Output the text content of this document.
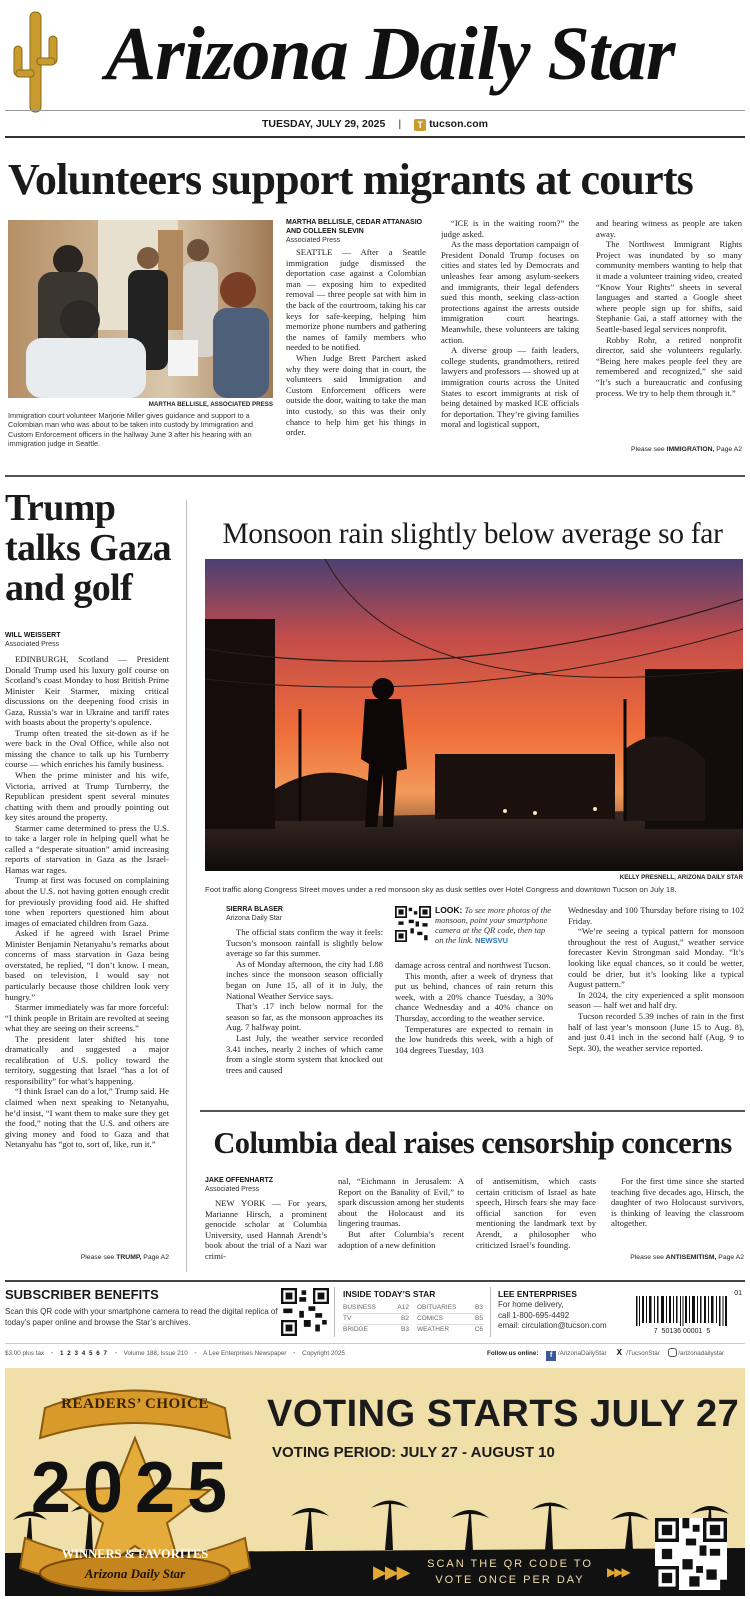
Arizona Daily Star
TUESDAY, JULY 29, 2025 | T tucson.com
Volunteers support migrants at courts
MARTHA BELLISLE, ASSOCIATED PRESS
Immigration court volunteer Marjorie Miller gives guidance and support to a Colombian man who was about to be taken into custody by Immigration and Custom Enforcement officers in the hallway June 3 after his hearing with an immigration judge in Seattle.
MARTHA BELLISLE, CEDAR ATTANASIO AND COLLEEN SLEVIN
Associated Press

SEATTLE — After a Seattle immigration judge dismissed the deportation case against a Colombian man — exposing him to expedited removal — three people sat with him in the back of the courtroom, taking his car keys for safe-keeping, helping him memorize phone numbers and gathering the names of family members who needed to be notified.

When Judge Brett Parchert asked why they were doing that in court, the volunteers said Immigration and Custom Enforcement officers were outside the door, waiting to take the man into custody, so this was their only chance to help him get his things in order.

“ICE is in the waiting room?” the judge asked.

As the mass deportation campaign of President Donald Trump focuses on cities and states led by Democrats and unleashes fear among asylum-seekers and immigrants, their legal defenders sued this month, seeking class-action protections against the arrests outside immigration court hearings. Meanwhile, these volunteers are taking action.

A diverse group — faith leaders, college students, grandmothers, retired lawyers and professors — showed up at immigration courts across the United States to escort immigrants at risk of being detained by masked ICE officials for deportation. They’re giving families moral and logistical support,

and bearing witness as people are taken away.

The Northwest Immigrant Rights Project was inundated by so many community members wanting to help that it made a volunteer training video, created “Know Your Rights” sheets in several languages and started a Google sheet where people sign up for shifts, said Stephanie Gai, a staff attorney with the Seattle-based legal services nonprofit.

Robby Rohr, a retired nonprofit director, said she volunteers regularly. “Being here makes people feel they are remembered and recognized,” she said “It’s such a bureaucratic and confusing process. We try to help them through it.”

Please see IMMIGRATION, Page A2
Trump talks Gaza and golf
WILL WEISSERT
Associated Press

EDINBURGH, Scotland — President Donald Trump used his luxury golf course on Scotland’s coast Monday to host British Prime Minister Keir Starmer, mixing critical discussions on the deepening food crisis in Gaza, Russia’s war in Ukraine and tariff rates with boasts about the property’s opulence.

Trump often treated the sit-down as if he were back in the Oval Office, while also not missing the chance to talk up his Turnberry course — which enriches his family business.

When the prime minister and his wife, Victoria, arrived at Trump Turnberry, the Republican president spent several minutes chatting with them and proudly pointing out key sites around the property.

Starmer came determined to press the U.S. to take a larger role in helping quell what he called a “desperate situation” amid increasing reports of starvation in Gaza as the Israel-Hamas war rages.

Trump at first was focused on complaining about the U.S. not having gotten enough credit for previously providing food aid. He shifted tone when reporters questioned him about images of emaciated children from Gaza.

Asked if he agreed with Israel Prime Minister Benjamin Netanyahu’s remarks about concerns of mass starvation in Gaza being overstated, he replied, “I don’t know. I mean, based on television, I would say not particularly because those children look very hungry.”

Starmer immediately was far more forceful: “I think people in Britain are revolted at seeing what they are seeing on their screens.”

The president later shifted his tone dramatically and suggested a major recalibration of U.S. policy toward the territory, suggesting that Israel “has a lot of responsibility” for what’s happening.

“I think Israel can do a lot,” Trump said. He claimed when next speaking to Netanyahu, he’d insist, “I want them to make sure they get the food,” noting that the U.S. and others are giving money and food to Gaza and that Netanyahu has “got to, sort of, like, run it.”

Please see TRUMP, Page A2
Monsoon rain slightly below average so far
KELLY PRESNELL, ARIZONA DAILY STAR
Foot traffic along Congress Street moves under a red monsoon sky as dusk settles over Hotel Congress and downtown Tucson on July 18.
SIERRA BLASER
Arizona Daily Star

The official stats confirm the way it feels: Tucson’s monsoon rainfall is slightly below average so far this summer.

As of Monday afternoon, the city had 1.88 inches since the monsoon season officially began on June 15, all of it in July, the National Weather Service says.

That’s .17 inch below normal for the season so far, as the monsoon approaches its Aug. 7 halfway point.

Last July, the weather service recorded 3.41 inches, nearly 2 inches of which came from a single storm system that knocked out trees and caused

LOOK: To see more photos of the monsoon, point your smartphone camera at the QR code, then tap on the link. NEWSVU

damage across central and northwest Tucson.

This month, after a week of dryness that put us behind, chances of rain return this week, with a 20% chance Tuesday, a 30% chance Wednesday and a 40% chance on Thursday, according to the weather service.

Temperatures are expected to remain in the low hundreds this week, with a high of 104 degrees Tuesday, 103

Wednesday and 100 Thursday before rising to 102 Friday.

“We’re seeing a typical pattern for monsoon throughout the rest of August,” weather service forecaster Kevin Strongman said Monday. “It’s looking like equal chances, so it could be wetter, could be drier, but it’s looking like a typical August pattern.”

In 2024, the city experienced a split monsoon season — half wet and half dry.

Tucson recorded 5.39 inches of rain in the first half of last year’s monsoon (June 15 to Aug. 8), and just 0.41 inch in the second half (Aug. 9 to Sept. 30), the weather service reported.

Columbia deal raises censorship concerns
JAKE OFFENHARTZ
Associated Press

NEW YORK — For years, Marianne Hirsch, a prominent genocide scholar at Columbia University, used Hannah Arendt’s book about the trial of a Nazi war crimi-

nal, “Eichmann in Jerusalem: A Report on the Banality of Evil,” to spark discussion among her students about the Holocaust and its lingering traumas.

But after Columbia’s recent adoption of a new definition

of antisemitism, which casts certain criticism of Israel as hate speech, Hirsch fears she may face official sanction for even mentioning the landmark text by Arendt, a philosopher who criticized Israel’s founding.

For the first time since she started teaching five decades ago, Hirsch, the daughter of two Holocaust survivors, is thinking of leaving the classroom altogether.

Please see ANTISEMITISM, Page A2
SUBSCRIBER BENEFITS
Scan this QR code with your smartphone camera to read the digital replica of today’s paper online and browse the Star’s archives.
INSIDE TODAY’S STAR
BUSINESS	A12 OBITUARIES	B3
TV	B2 COMICS	B5
BRIDGE	B3 WEATHER	C6
LEE ENTERPRISES
For home delivery,
call 1-800-695-4492
email: circulation@tucson.com
01
7  50136 00001  5
$3.00 plus tax • 1 2 3 4 5 6 7 • Volume 188, Issue 210 • A Lee Enterprises Newspaper • Copyright 2025	Follow us online: f /ArizonaDailyStar X /TucsonStar	/arizonadailystar
READERS’ CHOICE
2025
WINNERS & FAVORITES
Arizona Daily Star
VOTING STARTS JULY 27
VOTING PERIOD: JULY 27 - AUGUST 10
▶▶▶	SCAN THE QR CODE TO
VOTE ONCE PER DAY
▶▶▶
